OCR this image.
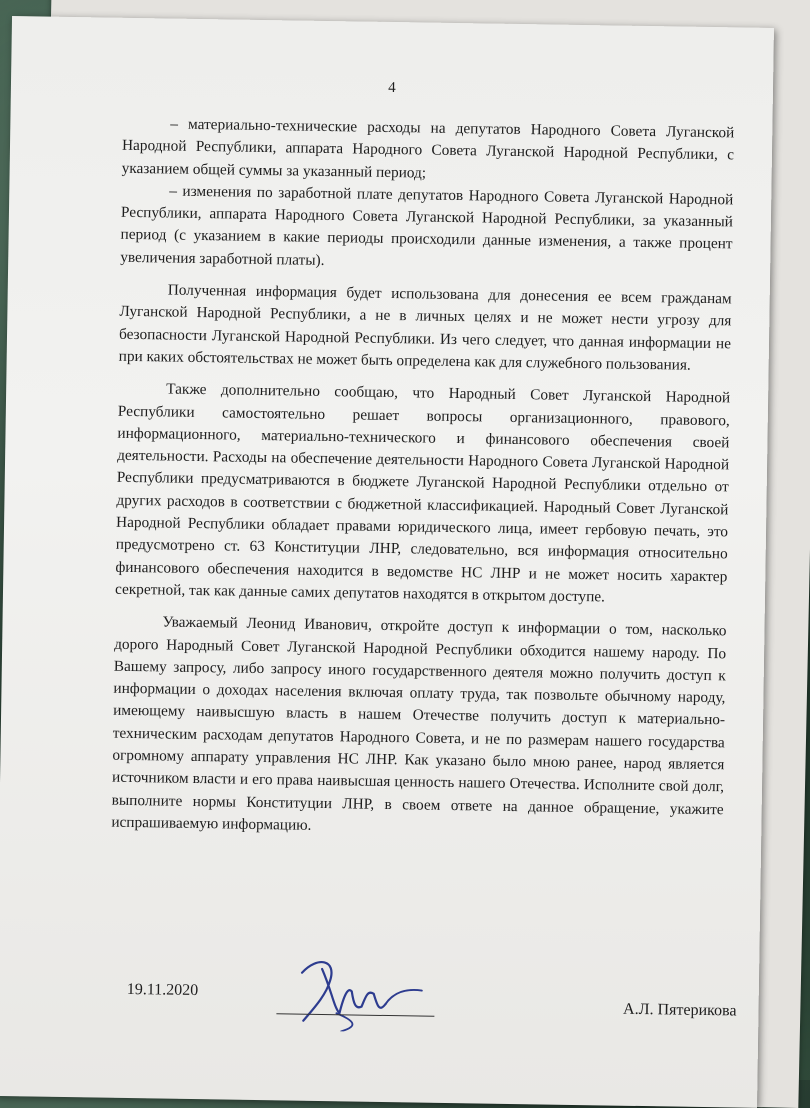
4

– материально-технические расходы на депутатов Народного Совета Луганской Народной Республики, аппарата Народного Совета Луганской Народной Республики, с указанием общей суммы за указанный период;

– изменения по заработной плате депутатов Народного Совета Луганской Народной Республики, аппарата Народного Совета Луганской Народной Республики, за указанный период (с указанием в какие периоды происходили данные изменения, а также процент увеличения заработной платы).

Полученная информация будет использована для донесения ее всем гражданам Луганской Народной Республики, а не в личных целях и не может нести угрозу для безопасности Луганской Народной Республики. Из чего следует, что данная информации не при каких обстоятельствах не может быть определена как для служебного пользования.

Также дополнительно сообщаю, что Народный Совет Луганской Народной Республики самостоятельно решает вопросы организационного, правового, информационного, материально-технического и финансового обеспечения своей деятельности. Расходы на обеспечение деятельности Народного Совета Луганской Народной Республики предусматриваются в бюджете Луганской Народной Республики отдельно от других расходов в соответствии с бюджетной классификацией. Народный Совет Луганской Народной Республики обладает правами юридического лица, имеет гербовую печать, это предусмотрено ст. 63 Конституции ЛНР, следовательно, вся информация относительно финансового обеспечения находится в ведомстве НС ЛНР и не может носить характер секретной, так как данные самих депутатов находятся в открытом доступе.

Уважаемый Леонид Иванович, откройте доступ к информации о том, насколько дорого Народный Совет Луганской Народной Республики обходится нашему народу. По Вашему запросу, либо запросу иного государственного деятеля можно получить доступ к информации о доходах населения включая оплату труда, так позвольте обычному народу, имеющему наивысшую власть в нашем Отечестве получить доступ к материально-техническим расходам депутатов Народного Совета, и не по размерам нашего государства огромному аппарату управления НС ЛНР. Как указано было мною ранее, народ является источником власти и его права наивысшая ценность нашего Отечества. Исполните свой долг, выполните нормы Конституции ЛНР, в своем ответе на данное обращение, укажите испрашиваемую информацию.

19.11.2020
А.Л. Пятерикова
